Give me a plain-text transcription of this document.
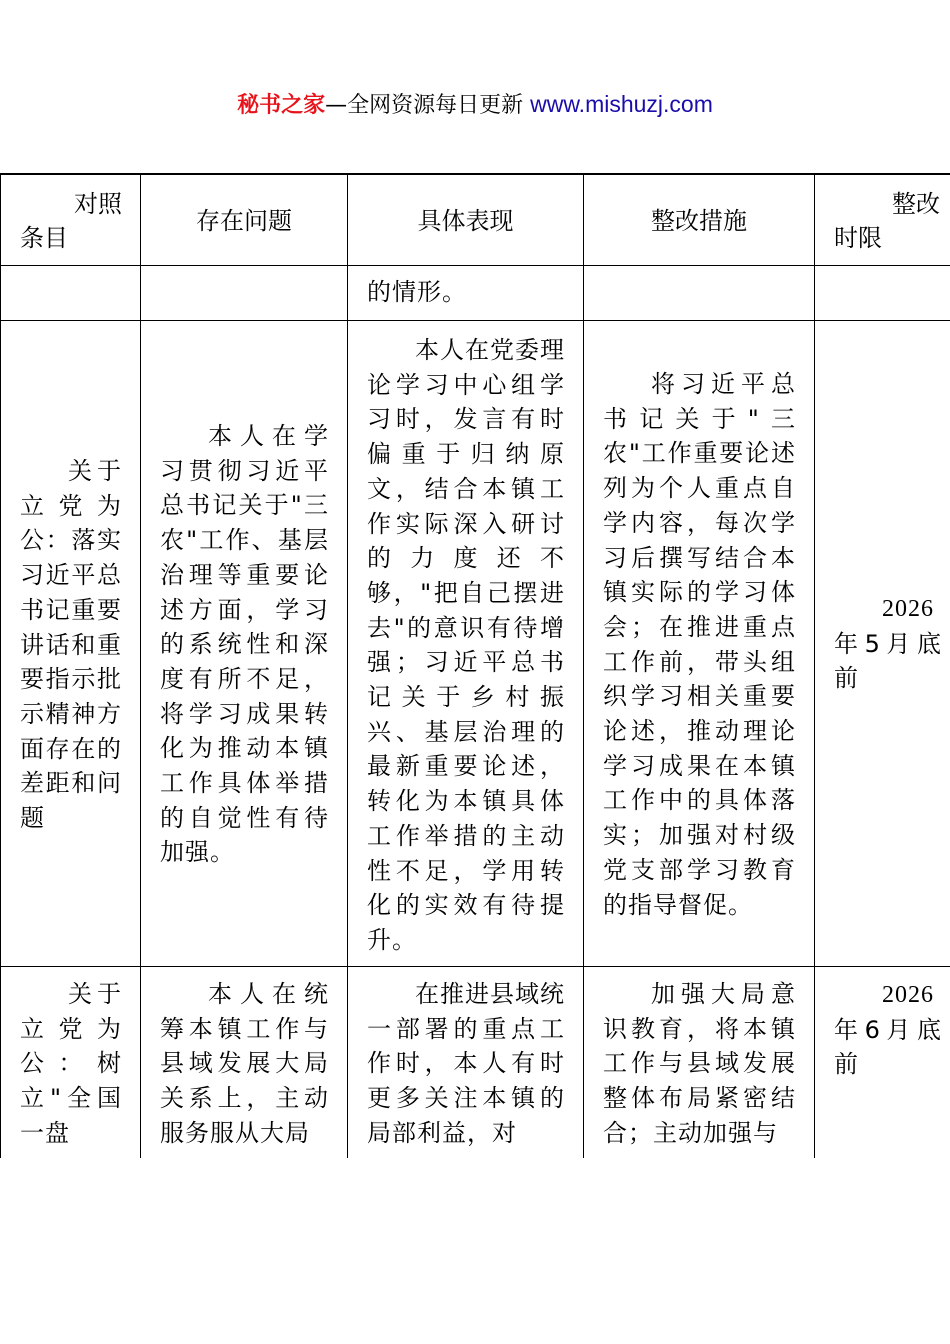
秘书之家—全网资源每日更新 www.mishuzj.com
对照
条目
存在问题	具体表现	整改措施
整改
时限
的情形。
关于立党为公：落实习近平总书记重要讲话和重要指示批示精神方面存在的差距和问题
本人在学习贯彻习近平总书记关于"三农"工作、基层治理等重要论述方面，学习的系统性和深度有所不足，将学习成果转化为推动本镇工作具体举措的自觉性有待加强。
本人在党委理论学习中心组学习时，发言有时偏重于归纳原文，结合本镇工作实际深入研讨的力度还不够，"把自己摆进去"的意识有待增强；习近平总书记关于乡村振兴、基层治理的最新重要论述，转化为本镇具体工作举措的主动性不足，学用转化的实效有待提升。
将习近平总书记关于"三农"工作重要论述列为个人重点自学内容，每次学习后撰写结合本镇实际的学习体会；在推进重点工作前，带头组织学习相关重要论述，推动理论学习成果在本镇工作中的具体落实；加强对村级党支部学习教育的指导督促。
2026年5月底前
关于立党为公：树立"全国一盘
本人在统筹本镇工作与县域发展大局关系上，主动服务服从大局
在推进县域统一部署的重点工作时，本人有时更多关注本镇的局部利益，对
加强大局意识教育，将本镇工作与县域发展整体布局紧密结合；主动加强与
2026年6月底前
